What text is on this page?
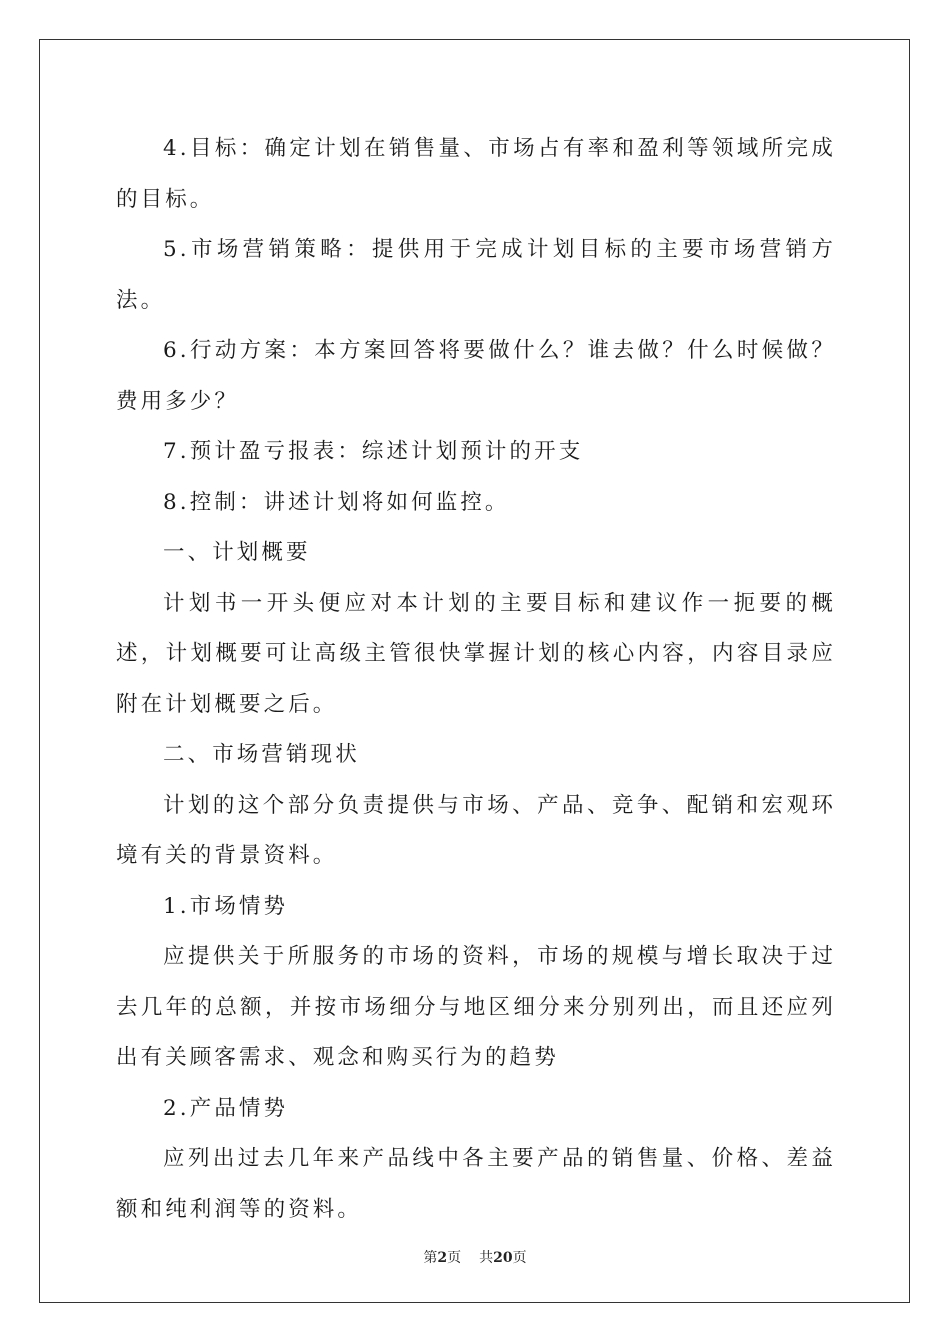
4.目标：确定计划在销售量、市场占有率和盈利等领域所完成的目标。

5.市场营销策略：提供用于完成计划目标的主要市场营销方法。

6.行动方案：本方案回答将要做什么？谁去做？什么时候做？费用多少？

7.预计盈亏报表：综述计划预计的开支

8.控制：讲述计划将如何监控。

一、计划概要

计划书一开头便应对本计划的主要目标和建议作一扼要的概述，计划概要可让高级主管很快掌握计划的核心内容，内容目录应附在计划概要之后。

二、市场营销现状

计划的这个部分负责提供与市场、产品、竞争、配销和宏观环境有关的背景资料。

1.市场情势

应提供关于所服务的市场的资料，市场的规模与增长取决于过去几年的总额，并按市场细分与地区细分来分别列出，而且还应列出有关顾客需求、观念和购买行为的趋势

2.产品情势

应列出过去几年来产品线中各主要产品的销售量、价格、差益额和纯利润等的资料。

第2页 共20页
